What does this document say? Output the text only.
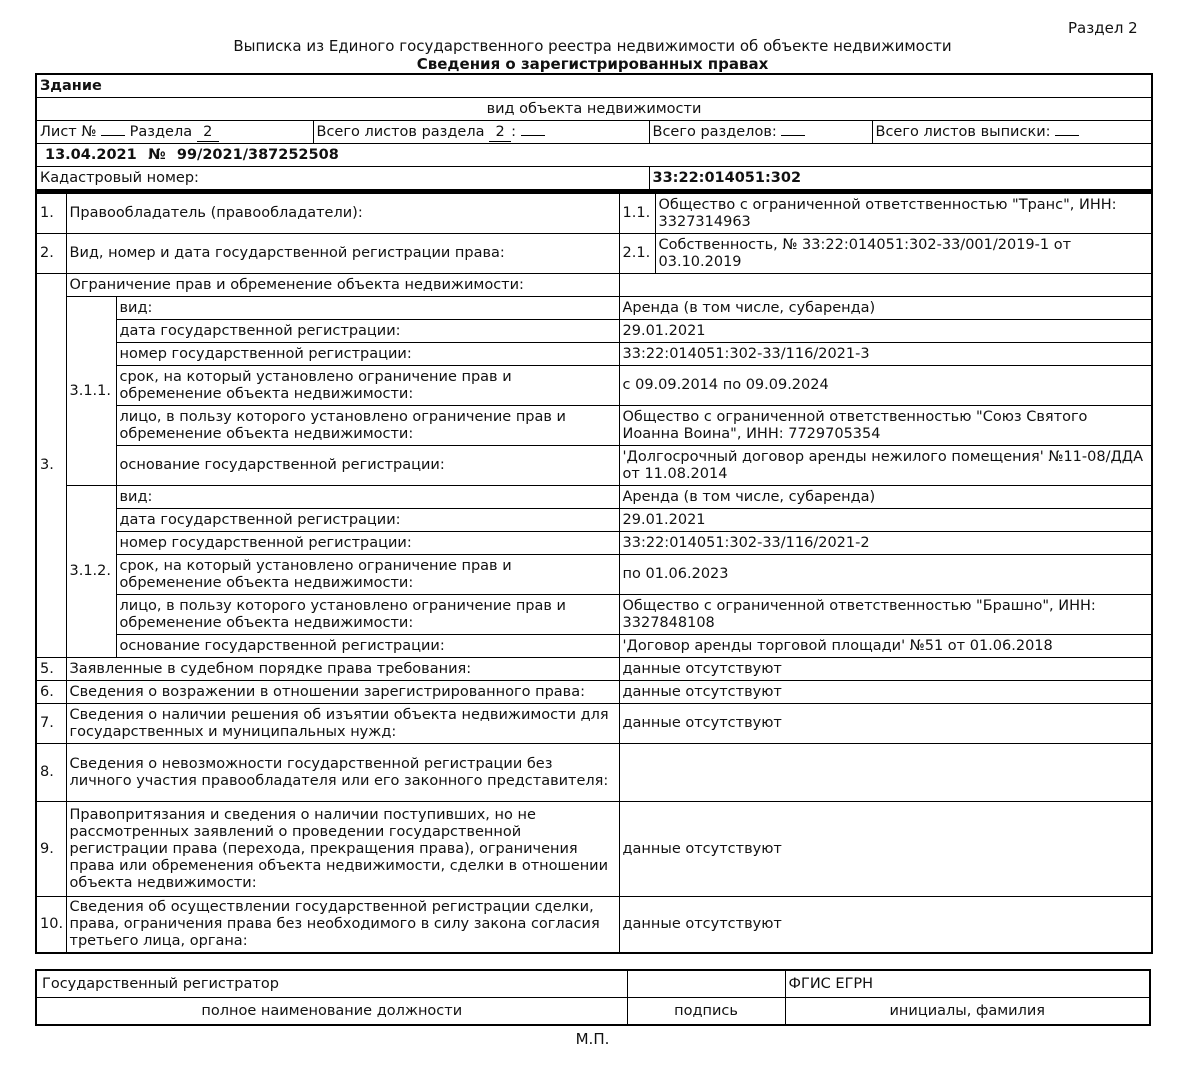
Раздел 2
Выписка из Единого государственного реестра недвижимости об объекте недвижимости
Сведения о зарегистрированных правах
Здание			
вид объекта недвижимости			
Лист № Раздела 2	Всего листов раздела 2 :	Всего разделов:	Всего листов выписки:
13.04.2021 № 99/2021/387252508			
Кадастровый номер:		33:22:014051:302	
1.	Правообладатель (правообладатели):		1.1.	Общество с ограниченной ответственностью "Транс", ИНН: 3327314963
2.	Вид, номер и дата государственной регистрации права:		2.1.	Собственность, № 33:22:014051:302-33/001/2019-1 от 03.10.2019
3.	Ограничение прав и обременение объекта недвижимости:			
	3.1.1.	вид:	Аренда (в том числе, субаренда)	
		дата государственной регистрации:	29.01.2021	
		номер государственной регистрации:	33:22:014051:302-33/116/2021-3	
		срок, на который установлено ограничение прав и обременение объекта недвижимости:	с 09.09.2014 по 09.09.2024	
		лицо, в пользу которого установлено ограничение прав и обременение объекта недвижимости:	Общество с ограниченной ответственностью "Союз Святого Иоанна Воина", ИНН: 7729705354	
		основание государственной регистрации:	'Долгосрочный договор аренды нежилого помещения' №11-08/ДДА от 11.08.2014	
	3.1.2.	вид:	Аренда (в том числе, субаренда)	
		дата государственной регистрации:	29.01.2021	
		номер государственной регистрации:	33:22:014051:302-33/116/2021-2	
		срок, на который установлено ограничение прав и обременение объекта недвижимости:	по 01.06.2023	
		лицо, в пользу которого установлено ограничение прав и обременение объекта недвижимости:	Общество с ограниченной ответственностью "Брашно", ИНН: 3327848108	
		основание государственной регистрации:	'Договор аренды торговой площади' №51 от 01.06.2018	
5.	Заявленные в судебном порядке права требования:		данные отсутствуют	
6.	Сведения о возражении в отношении зарегистрированного права:		данные отсутствуют	
7.	Сведения о наличии решения об изъятии объекта недвижимости для государственных и муниципальных нужд:		данные отсутствуют	
8.	Сведения о невозможности государственной регистрации без личного участия правообладателя или его законного представителя:			
9.	Правопритязания и сведения о наличии поступивших, но не рассмотренных заявлений о проведении государственной регистрации права (перехода, прекращения права), ограничения права или обременения объекта недвижимости, сделки в отношении объекта недвижимости:		данные отсутствуют	
10.	Сведения об осуществлении государственной регистрации сделки, права, ограничения права без необходимого в силу закона согласия третьего лица, органа:		данные отсутствуют	
Государственный регистратор		ФГИС ЕГРН
полное наименование должности	подпись	инициалы, фамилия
М.П.
